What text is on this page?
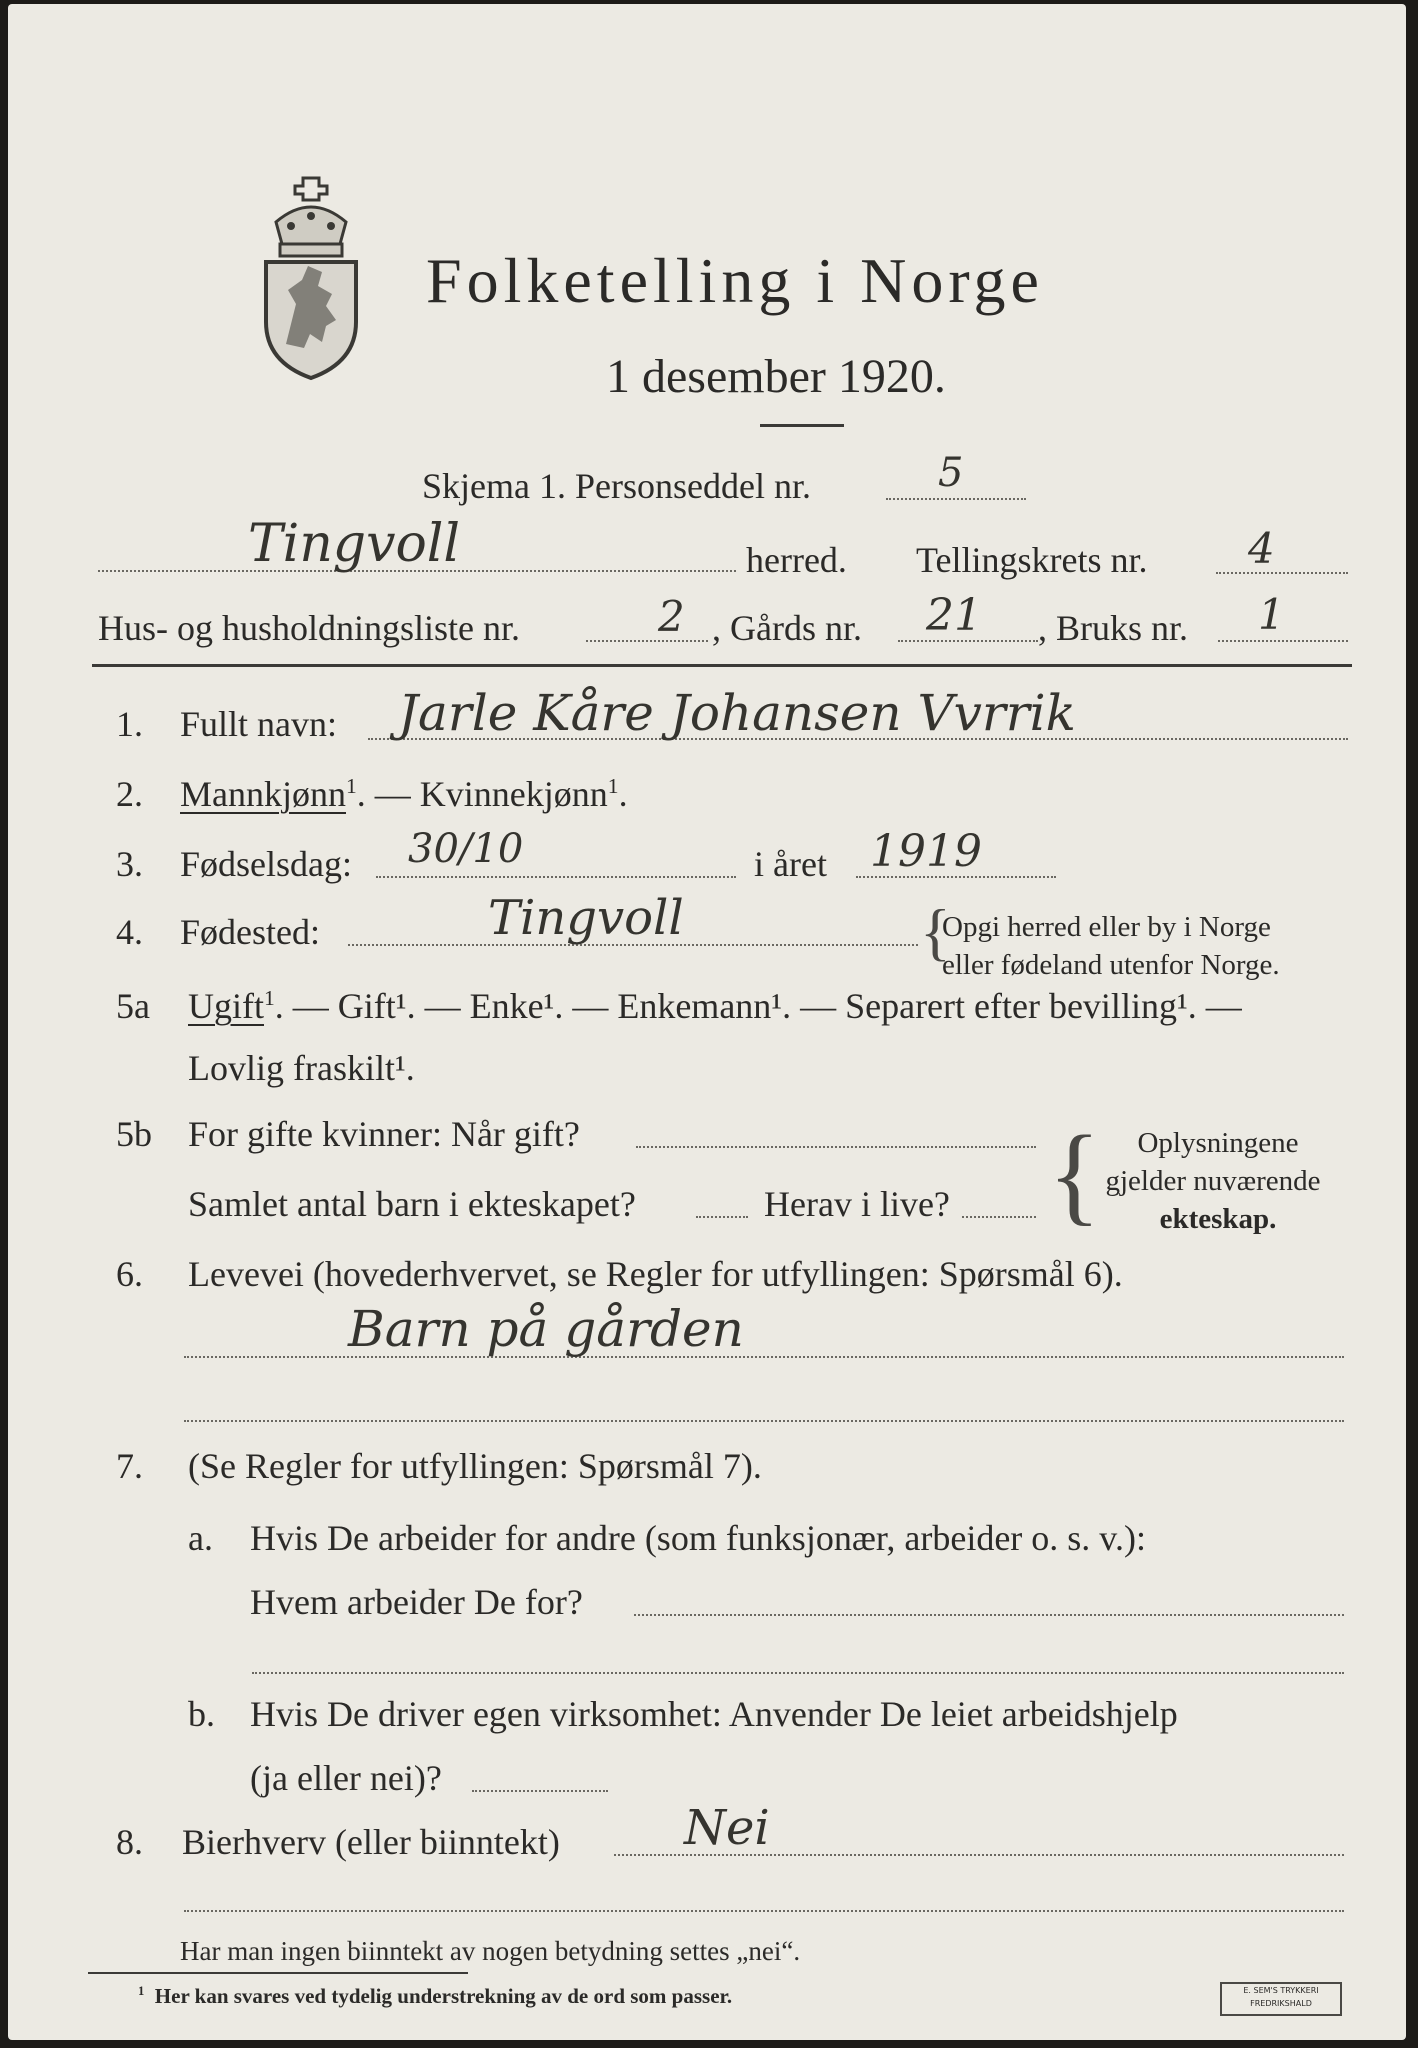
Folketelling i Norge
1 desember 1920.
Skjema 1. Personseddel nr.	5
Tingvoll	herred. Tellingskrets nr. 4
Hus- og husholdningsliste nr.	2 , Gårds nr. 21 , Bruks nr. 1
1. Fullt navn: Jarle Kåre Johansen Vvrrik
2. Mannkjønn$^1$. — Kvinnekjønn$^1$.
3. Fødselsdag: 30/10	i året 1919
4. Fødested:	Tingvoll	{
Opgi herred eller by i Norge
eller fødeland utenfor Norge.
5a Ugift$^1$. — Gift¹. — Enke¹. — Enkemann¹. — Separert efter bevilling¹. —
Lovlig fraskilt¹.
5b For gifte kvinner: Når gift?
Samlet antal barn i ekteskapet?	Herav i live? {	Oplysningene
gjelder nuværende
ekteskap.
6. Levevei (hovederhvervet, se Regler for utfyllingen: Spørsmål 6).
Barn på gården
7. (Se Regler for utfyllingen: Spørsmål 7).
a. Hvis De arbeider for andre (som funksjonær, arbeider o. s. v.):
Hvem arbeider De for?
b. Hvis De driver egen virksomhet: Anvender De leiet arbeidshjelp
(ja eller nei)?
8. Bierhverv (eller biinntekt)	Nei
Har man ingen biinntekt av nogen betydning settes „nei“.
$^1$ Her kan svares ved tydelig understrekning av de ord som passer.	E. SEM'S TRYKKERI FREDRIKSHALD
